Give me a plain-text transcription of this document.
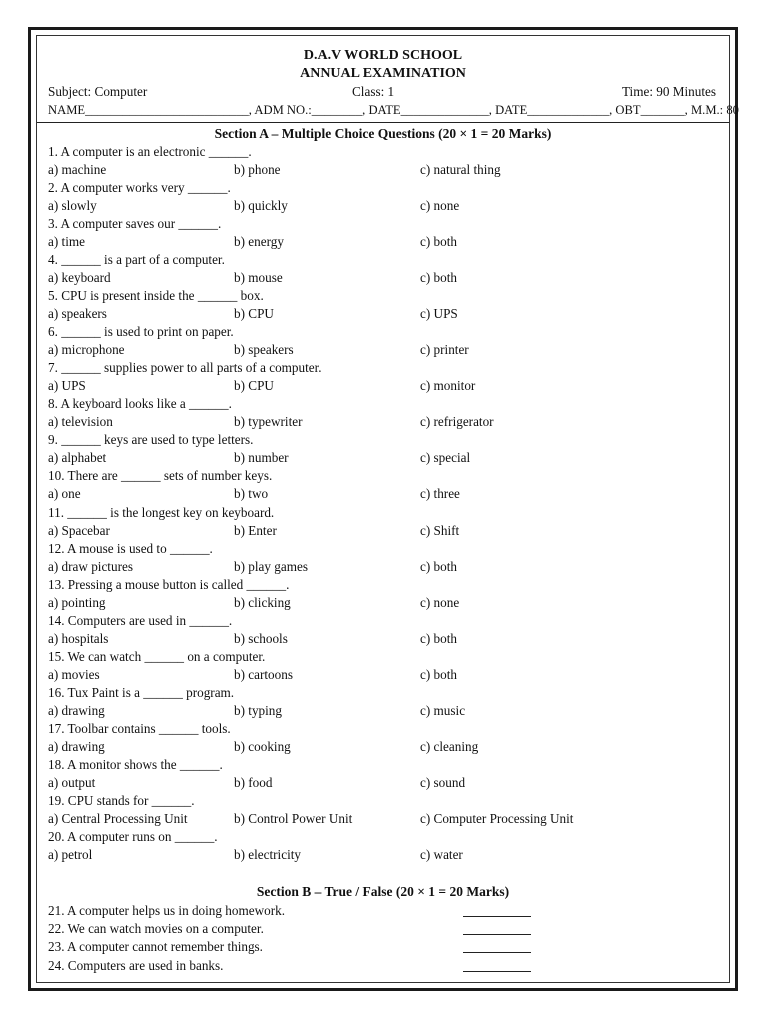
D.A.V WORLD SCHOOL
ANNUAL EXAMINATION
Subject: Computer	Class: 1	Time: 90 Minutes
NAME__________________________, ADM NO.:________, DATE______________, DATE_____________, OBT_______, M.M.: 80
Section A – Multiple Choice Questions (20 × 1 = 20 Marks)
1. A computer is an electronic ______.
a) machine	b) phone	c) natural thing
2. A computer works very ______.
a) slowly	b) quickly	c) none
3. A computer saves our ______.
a) time	b) energy	c) both
4. ______ is a part of a computer.
a) keyboard	b) mouse	c) both
5. CPU is present inside the ______ box.
a) speakers	b) CPU	c) UPS
6. ______ is used to print on paper.
a) microphone	b) speakers	c) printer
7. ______ supplies power to all parts of a computer.
a) UPS	b) CPU	c) monitor
8. A keyboard looks like a ______.
a) television	b) typewriter	c) refrigerator
9. ______ keys are used to type letters.
a) alphabet	b) number	c) special
10. There are ______ sets of number keys.
a) one	b) two	c) three
11. ______ is the longest key on keyboard.
a) Spacebar	b) Enter	c) Shift
12. A mouse is used to ______.
a) draw pictures	b) play games	c) both
13. Pressing a mouse button is called ______.
a) pointing	b) clicking	c) none
14. Computers are used in ______.
a) hospitals	b) schools	c) both
15. We can watch ______ on a computer.
a) movies	b) cartoons	c) both
16. Tux Paint is a ______ program.
a) drawing	b) typing	c) music
17. Toolbar contains ______ tools.
a) drawing	b) cooking	c) cleaning
18. A monitor shows the ______.
a) output	b) food	c) sound
19. CPU stands for ______.
a) Central Processing Unit	b) Control Power Unit	c) Computer Processing Unit
20. A computer runs on ______.
a) petrol	b) electricity	c) water
Section B – True / False (20 × 1 = 20 Marks)
21. A computer helps us in doing homework.
22. We can watch movies on a computer.
23. A computer cannot remember things.
24. Computers are used in banks.
